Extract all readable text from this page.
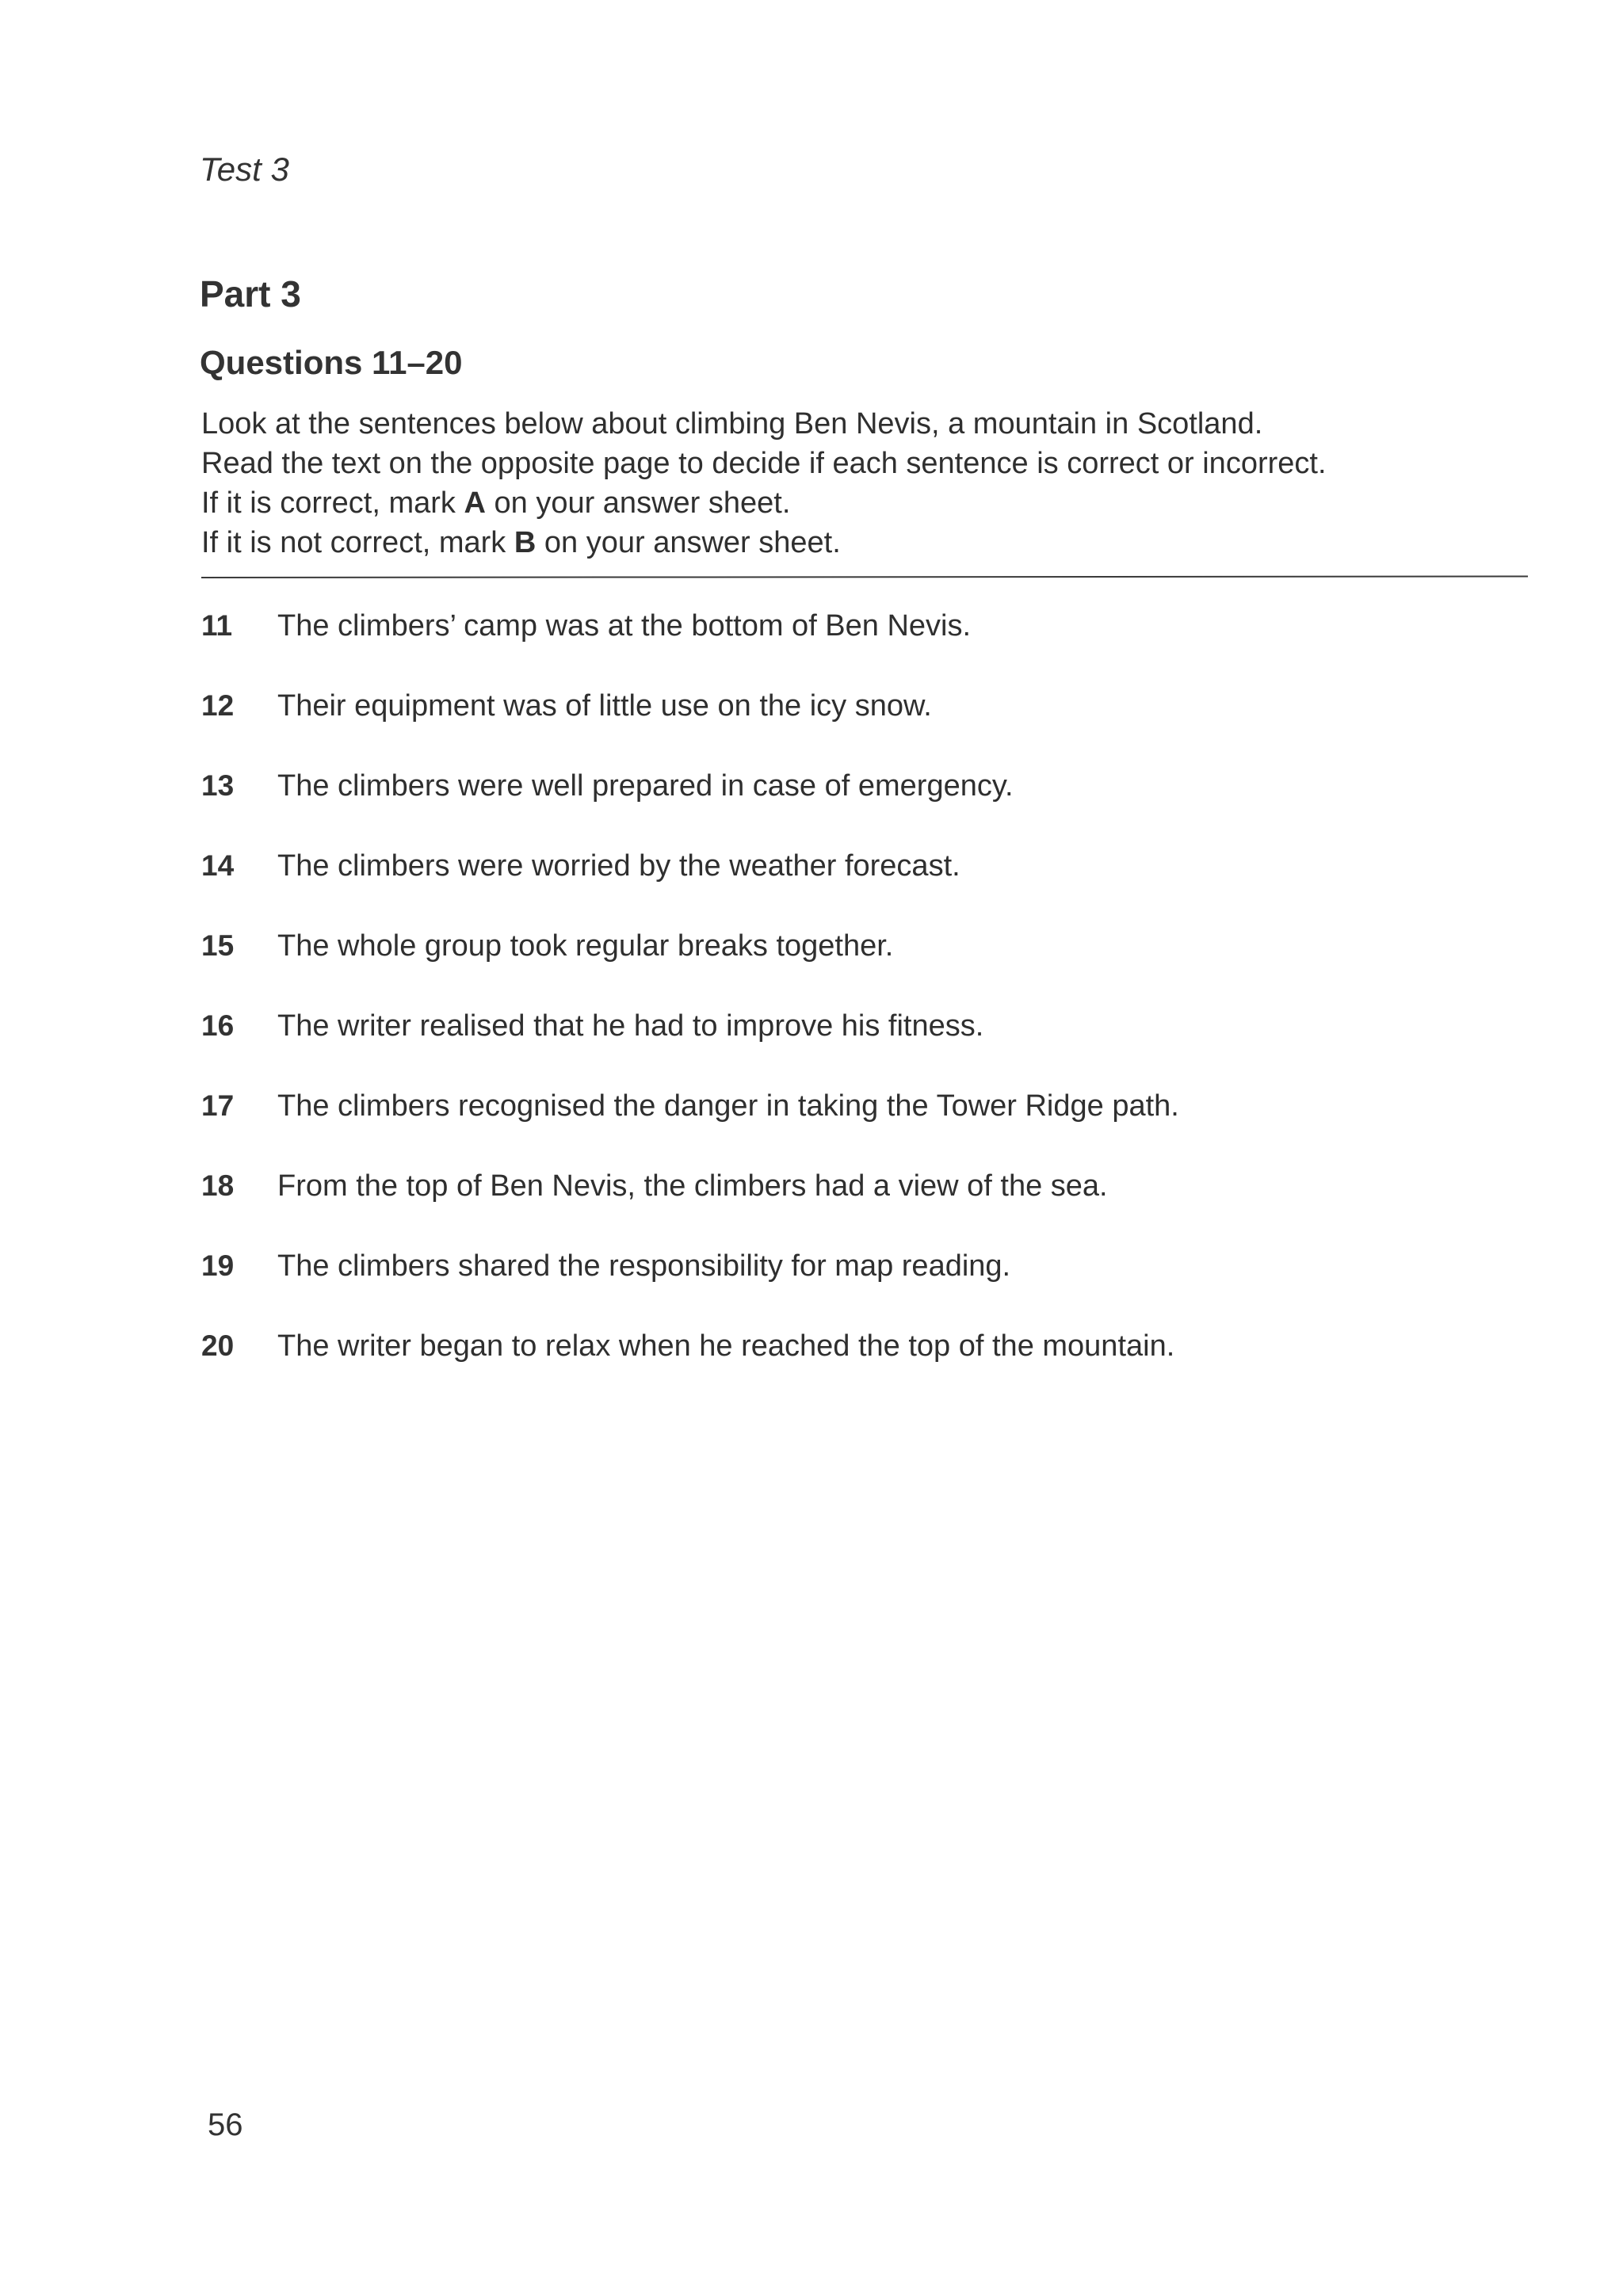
Test 3
Part 3
Questions 11–20
Look at the sentences below about climbing Ben Nevis, a mountain in Scotland.
Read the text on the opposite page to decide if each sentence is correct or incorrect.
If it is correct, mark A on your answer sheet.
If it is not correct, mark B on your answer sheet.
11	The climbers’ camp was at the bottom of Ben Nevis.
12	Their equipment was of little use on the icy snow.
13	The climbers were well prepared in case of emergency.
14	The climbers were worried by the weather forecast.
15	The whole group took regular breaks together.
16	The writer realised that he had to improve his fitness.
17	The climbers recognised the danger in taking the Tower Ridge path.
18	From the top of Ben Nevis, the climbers had a view of the sea.
19	The climbers shared the responsibility for map reading.
20	The writer began to relax when he reached the top of the mountain.
56
